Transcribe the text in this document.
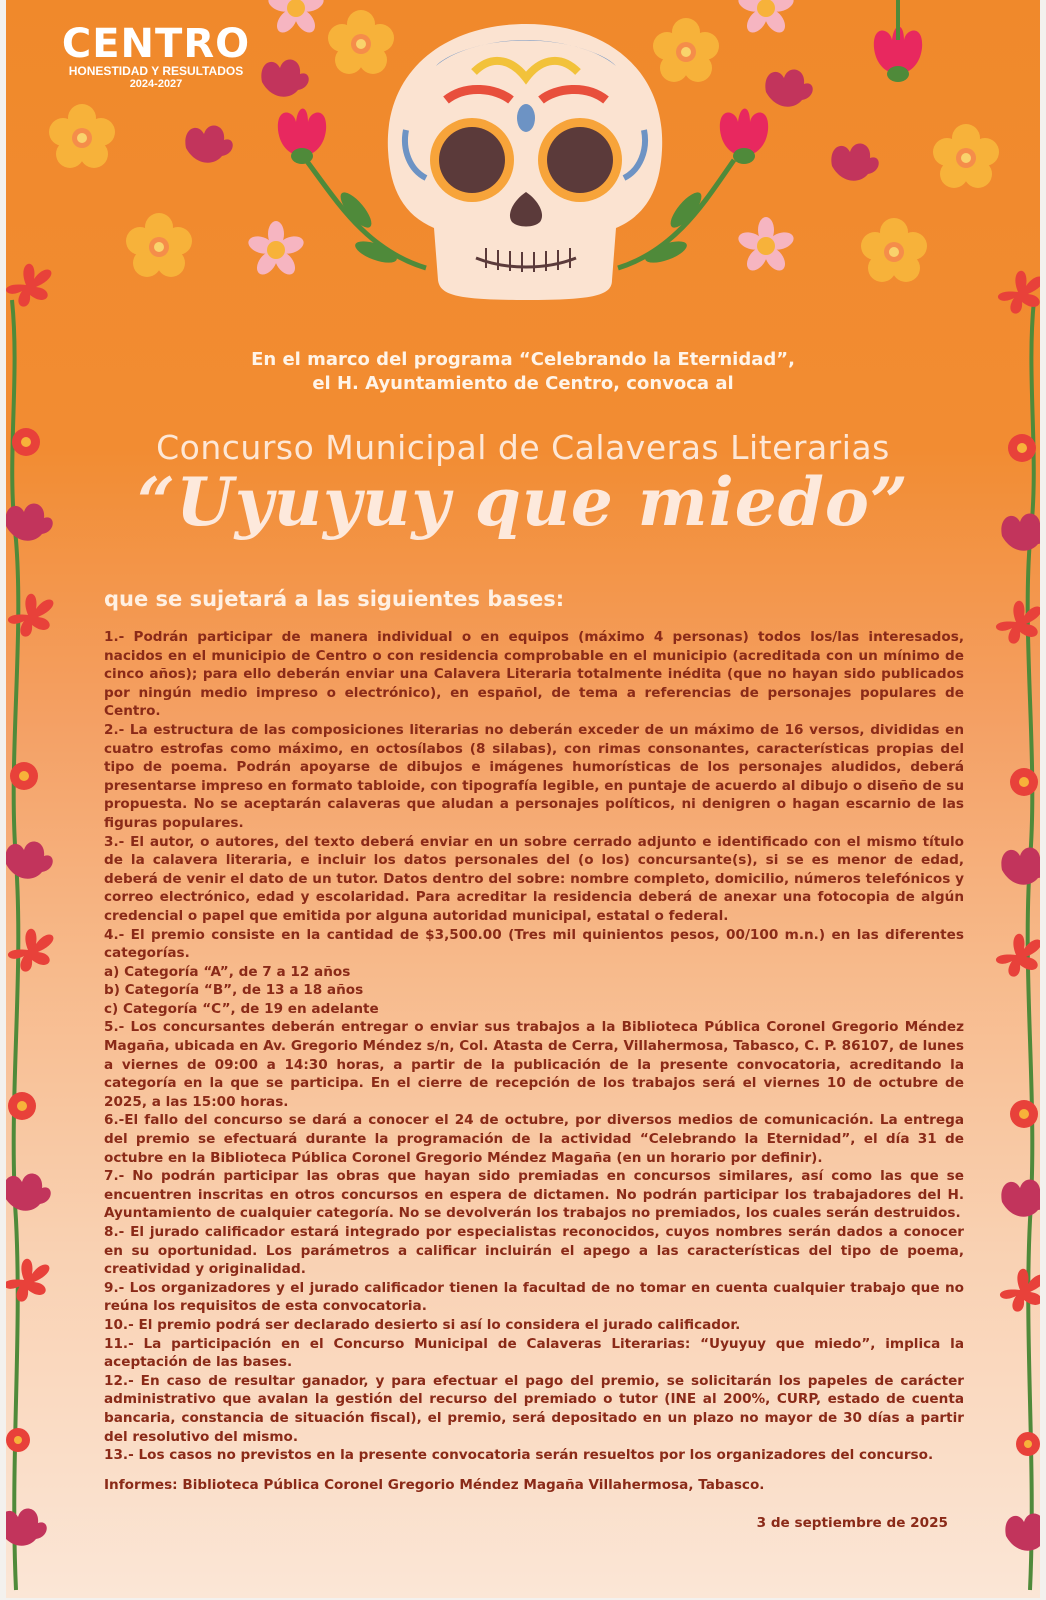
CENTRO
HONESTIDAD Y RESULTADOS
2024-2027
En el marco del programa “Celebrando la Eternidad”,
el H. Ayuntamiento de Centro, convoca al
Concurso Municipal de Calaveras Literarias
“Uyuyuy que miedo”
que se sujetará a las siguientes bases:

1.- Podrán participar de manera individual o en equipos (máximo 4 personas) todos los/las interesados, nacidos en el municipio de Centro o con residencia comprobable en el municipio (acreditada con un mínimo de cinco años); para ello deberán enviar una Calavera Literaria totalmente inédita (que no hayan sido publicados por ningún medio impreso o electrónico), en español, de tema a referencias de personajes populares de Centro.

2.- La estructura de las composiciones literarias no deberán exceder de un máximo de 16 versos, divididas en cuatro estrofas como máximo, en octosílabos (8 silabas), con rimas consonantes, características propias del tipo de poema. Podrán apoyarse de dibujos e imágenes humorísticas de los personajes aludidos, deberá presentarse impreso en formato tabloide, con tipografía legible, en puntaje de acuerdo al dibujo o diseño de su propuesta. No se aceptarán calaveras que aludan a personajes políticos, ni denigren o hagan escarnio de las figuras populares.

3.- El autor, o autores, del texto deberá enviar en un sobre cerrado adjunto e identificado con el mismo título de la calavera literaria, e incluir los datos personales del (o los) concursante(s), si se es menor de edad, deberá de venir el dato de un tutor. Datos dentro del sobre: nombre completo, domicilio, números telefónicos y correo electrónico, edad y escolaridad. Para acreditar la residencia deberá de anexar una fotocopia de algún credencial o papel que emitida por alguna autoridad municipal, estatal o federal.

4.- El premio consiste en la cantidad de $3,500.00 (Tres mil quinientos pesos, 00/100 m.n.) en las diferentes categorías.

a) Categoría “A”, de 7 a 12 años

b) Categoría “B”, de 13 a 18 años

c) Categoría “C”, de 19 en adelante

5.- Los concursantes deberán entregar o enviar sus trabajos a la Biblioteca Pública Coronel Gregorio Méndez Magaña, ubicada en Av. Gregorio Méndez s/n, Col. Atasta de Cerra, Villahermosa, Tabasco, C. P. 86107, de lunes a viernes de 09:00 a 14:30 horas, a partir de la publicación de la presente convocatoria, acreditando la categoría en la que se participa. En el cierre de recepción de los trabajos será el viernes 10 de octubre de 2025, a las 15:00 horas.

6.-El fallo del concurso se dará a conocer el 24 de octubre, por diversos medios de comunicación. La entrega del premio se efectuará durante la programación de la actividad “Celebrando la Eternidad”, el día 31 de octubre en la Biblioteca Pública Coronel Gregorio Méndez Magaña (en un horario por definir).

7.- No podrán participar las obras que hayan sido premiadas en concursos similares, así como las que se encuentren inscritas en otros concursos en espera de dictamen. No podrán participar los trabajadores del H. Ayuntamiento de cualquier categoría. No se devolverán los trabajos no premiados, los cuales serán destruidos.

8.- El jurado calificador estará integrado por especialistas reconocidos, cuyos nombres serán dados a conocer en su oportunidad. Los parámetros a calificar incluirán el apego a las características del tipo de poema, creatividad y originalidad.

9.- Los organizadores y el jurado calificador tienen la facultad de no tomar en cuenta cualquier trabajo que no reúna los requisitos de esta convocatoria.

10.- El premio podrá ser declarado desierto si así lo considera el jurado calificador.

11.- La participación en el Concurso Municipal de Calaveras Literarias: “Uyuyuy que miedo”, implica la aceptación de las bases.

12.- En caso de resultar ganador, y para efectuar el pago del premio, se solicitarán los papeles de carácter administrativo que avalan la gestión del recurso del premiado o tutor (INE al 200%, CURP, estado de cuenta bancaria, constancia de situación fiscal), el premio, será depositado en un plazo no mayor de 30 días a partir del resolutivo del mismo.

13.- Los casos no previstos en la presente convocatoria serán resueltos por los organizadores del concurso.

Informes: Biblioteca Pública Coronel Gregorio Méndez Magaña Villahermosa, Tabasco.
3 de septiembre de 2025
